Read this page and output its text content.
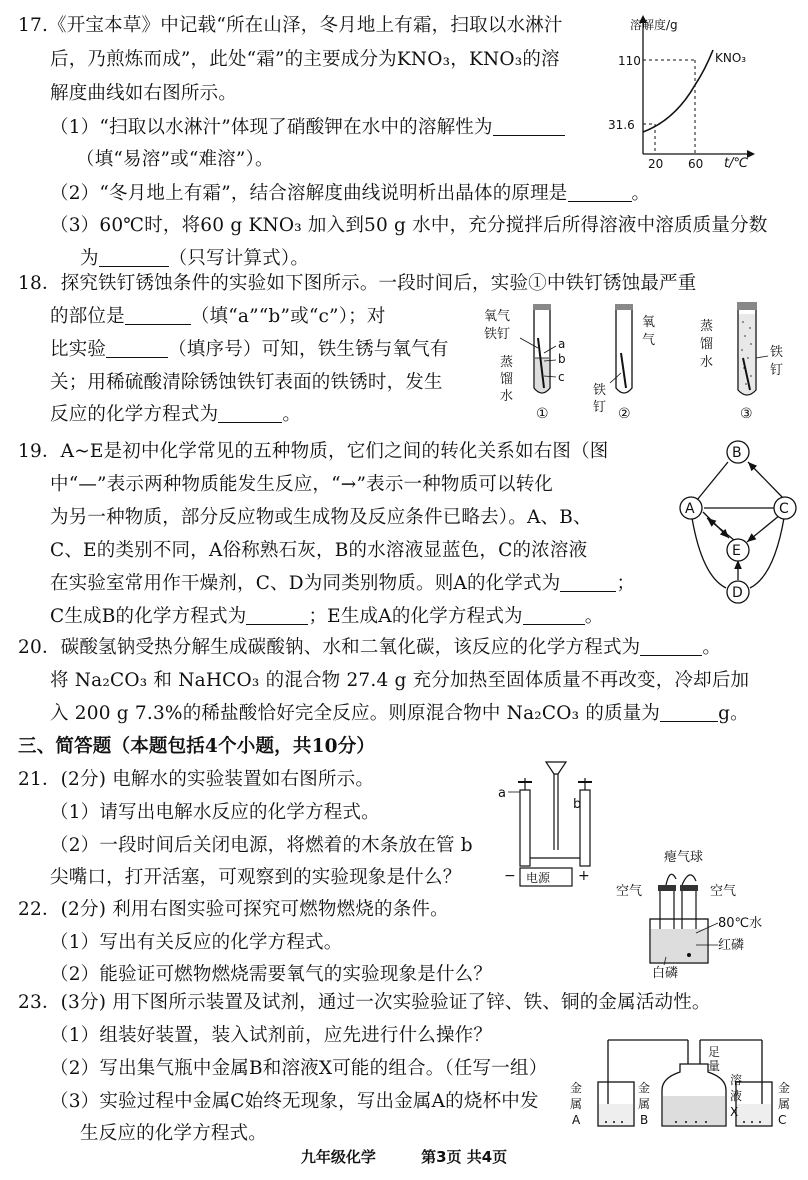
17.《开宝本草》中记载“所在山泽，冬月地上有霜，扫取以水淋汁
后，乃煎炼而成”，此处“霜”的主要成分为KNO₃，KNO₃的溶
解度曲线如右图所示。
（1）“扫取以水淋汁”体现了硝酸钾在水中的溶解性为
（填“易溶”或“难溶”）。
（2）“冬月地上有霜”，结合溶解度曲线说明析出晶体的原理是	。
（3）60℃时，将60 g KNO₃ 加入到50 g 水中，充分搅拌后所得溶液中溶质质量分数
为	（只写计算式）。
溶解度/g
110
31.6
20 60 t/℃
KNO₃
18．探究铁钉锈蚀条件的实验如下图所示。一段时间后，实验①中铁钉锈蚀最严重
的部位是	（填“a”“b”或“c”）；对
比实验	（填序号）可知，铁生锈与氧气有
关；用稀硫酸清除锈蚀铁钉表面的铁锈时，发生
反应的化学方程式为	。
氧气
铁钉
蒸
馏
水
a
b
c
①
氧
气
铁
钉 ②
蒸
馏
水
铁
钉
③
19．A~E是初中化学常见的五种物质，它们之间的转化关系如右图（图
中“—”表示两种物质能发生反应，“→”表示一种物质可以转化
为另一种物质，部分反应物或生成物及反应条件已略去）。A、B、
C、E的类别不同，A俗称熟石灰，B的水溶液显蓝色，C的浓溶液
在实验室常用作干燥剂，C、D为同类别物质。则A的化学式为	；
C生成B的化学方程式为	；E生成A的化学方程式为	。
B
A	C
E
D
20．碳酸氢钠受热分解生成碳酸钠、水和二氧化碳，该反应的化学方程式为	。
将 Na₂CO₃ 和 NaHCO₃ 的混合物 27.4 g 充分加热至固体质量不再改变，冷却后加
入 200 g 7.3%的稀盐酸恰好完全反应。则原混合物中 Na₂CO₃ 的质量为	g。
三、简答题（本题包括4个小题，共10分）
21．(2分) 电解水的实验装置如右图所示。
（1）请写出电解水反应的化学方程式。
（2）一段时间后关闭电源，将燃着的木条放在管 b
尖嘴口，打开活塞，可观察到的实验现象是什么？
a
b
电源
−	+
22．(2分) 利用右图实验可探究可燃物燃烧的条件。
（1）写出有关反应的化学方程式。
（2）能验证可燃物燃烧需要氧气的实验现象是什么？
瘪气球
空气	空气
80℃水
红磷
白磷
23．(3分) 用下图所示装置及试剂，通过一次实验验证了锌、铁、铜的金属活动性。
（1）组装好装置，装入试剂前，应先进行什么操作？
（2）写出集气瓶中金属B和溶液X可能的组合。（任写一组）
（3）实验过程中金属C始终无现象，写出金属A的烧杯中发
生反应的化学方程式。
金
属
A
金
属
B
金
属
C
足
量
溶
液
X
九年级化学	第3页 共4页
